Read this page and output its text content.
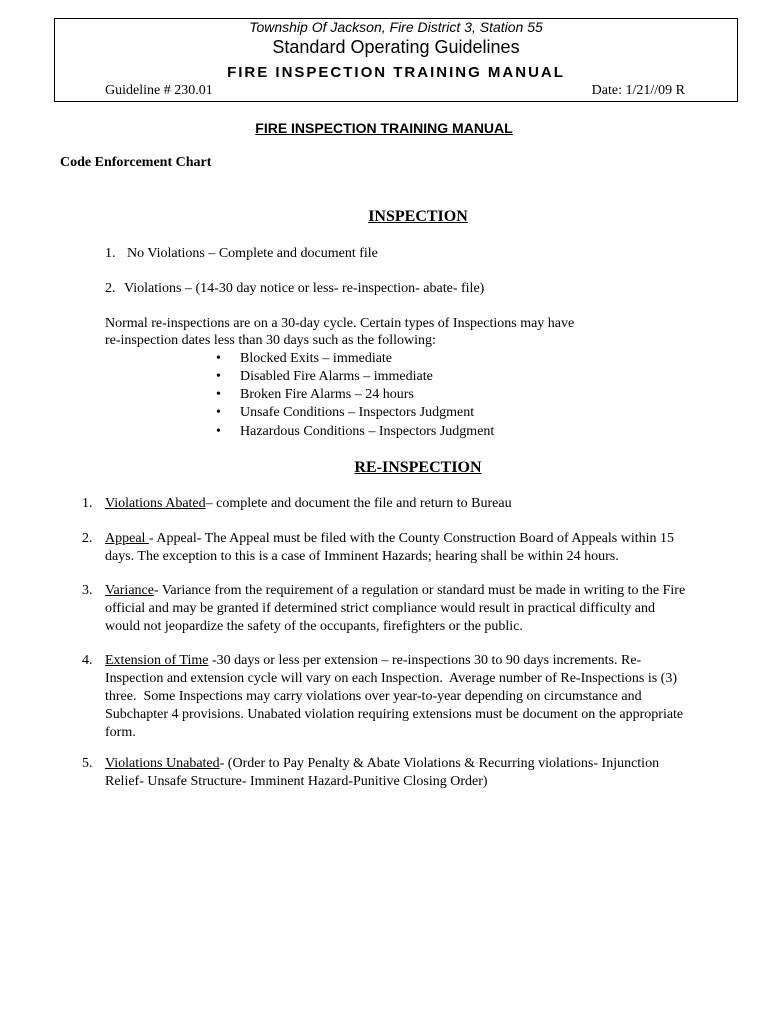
Township Of Jackson, Fire District 3, Station 55
Standard Operating Guidelines
FIRE INSPECTION TRAINING MANUAL
Guideline # 230.01	Date: 1/21//09 R
FIRE INSPECTION TRAINING MANUAL
Code Enforcement Chart
INSPECTION
1. No Violations – Complete and document file
2. Violations – (14-30 day notice or less- re-inspection- abate- file)
Normal re-inspections are on a 30-day cycle. Certain types of Inspections may have
re-inspection dates less than 30 days such as the following:
• Blocked Exits – immediate
• Disabled Fire Alarms – immediate
• Broken Fire Alarms – 24 hours
• Unsafe Conditions – Inspectors Judgment
• Hazardous Conditions – Inspectors Judgment
RE-INSPECTION
1. Violations Abated– complete and document the file and return to Bureau
2. Appeal - Appeal- The Appeal must be filed with the County Construction Board of Appeals within 15
days. The exception to this is a case of Imminent Hazards; hearing shall be within 24 hours.
3. Variance- Variance from the requirement of a regulation or standard must be made in writing to the Fire
official and may be granted if determined strict compliance would result in practical difficulty and
would not jeopardize the safety of the occupants, firefighters or the public.
4. Extension of Time -30 days or less per extension – re-inspections 30 to 90 days increments. Re-
Inspection and extension cycle will vary on each Inspection.  Average number of Re-Inspections is (3)
three.  Some Inspections may carry violations over year-to-year depending on circumstance and
Subchapter 4 provisions. Unabated violation requiring extensions must be document on the appropriate
form.
5. Violations Unabated- (Order to Pay Penalty & Abate Violations & Recurring violations- Injunction
Relief- Unsafe Structure- Imminent Hazard-Punitive Closing Order)
